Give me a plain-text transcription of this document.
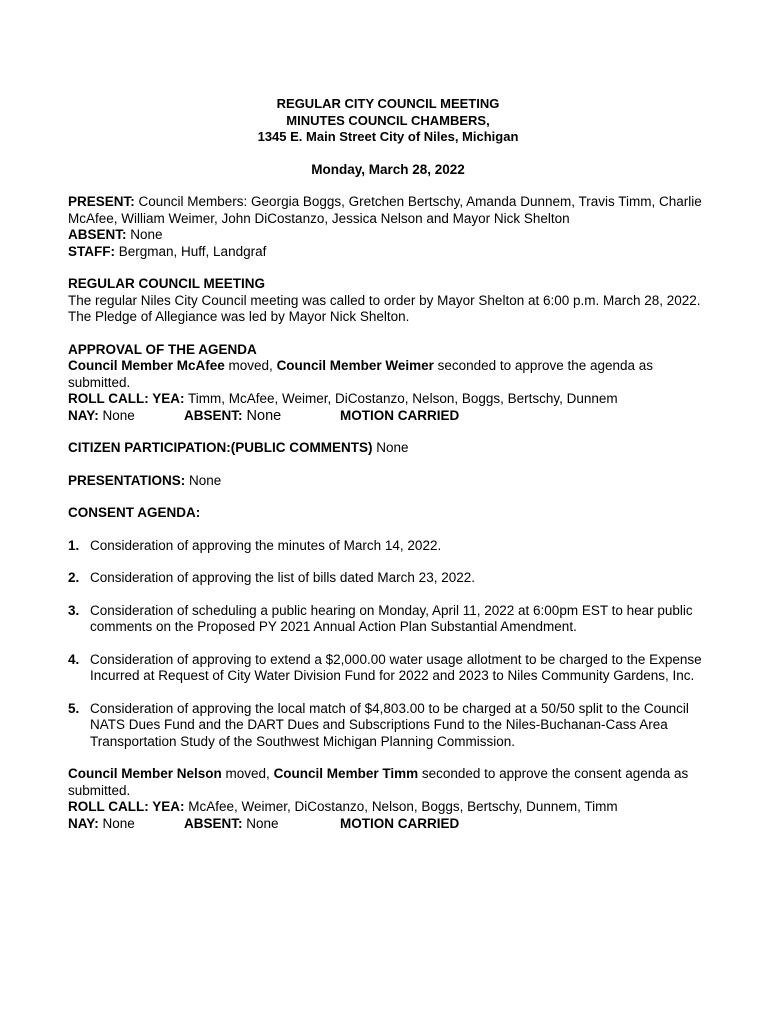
REGULAR CITY COUNCIL MEETING
MINUTES COUNCIL CHAMBERS,
1345 E. Main Street City of Niles, Michigan
Monday, March 28, 2022
PRESENT: Council Members: Georgia Boggs, Gretchen Bertschy, Amanda Dunnem, Travis Timm, Charlie McAfee, William Weimer, John DiCostanzo, Jessica Nelson and Mayor Nick Shelton
ABSENT: None
STAFF: Bergman, Huff, Landgraf
REGULAR COUNCIL MEETING
The regular Niles City Council meeting was called to order by Mayor Shelton at 6:00 p.m. March 28, 2022. The Pledge of Allegiance was led by Mayor Nick Shelton.
APPROVAL OF THE AGENDA
Council Member McAfee moved, Council Member Weimer seconded to approve the agenda as submitted.
ROLL CALL: YEA: Timm, McAfee, Weimer, DiCostanzo, Nelson, Boggs, Bertschy, Dunnem
NAY: None	ABSENT: None	MOTION CARRIED
CITIZEN PARTICIPATION:(PUBLIC COMMENTS) None
PRESENTATIONS: None
CONSENT AGENDA:
1. Consideration of approving the minutes of March 14, 2022.
2. Consideration of approving the list of bills dated March 23, 2022.
3. Consideration of scheduling a public hearing on Monday, April 11, 2022 at 6:00pm EST to hear public comments on the Proposed PY 2021 Annual Action Plan Substantial Amendment.
4. Consideration of approving to extend a $2,000.00 water usage allotment to be charged to the Expense Incurred at Request of City Water Division Fund for 2022 and 2023 to Niles Community Gardens, Inc.
5. Consideration of approving the local match of $4,803.00 to be charged at a 50/50 split to the Council NATS Dues Fund and the DART Dues and Subscriptions Fund to the Niles-Buchanan-Cass Area Transportation Study of the Southwest Michigan Planning Commission.
Council Member Nelson moved, Council Member Timm seconded to approve the consent agenda as submitted.
ROLL CALL: YEA: McAfee, Weimer, DiCostanzo, Nelson, Boggs, Bertschy, Dunnem, Timm
NAY: None	ABSENT: None	MOTION CARRIED
